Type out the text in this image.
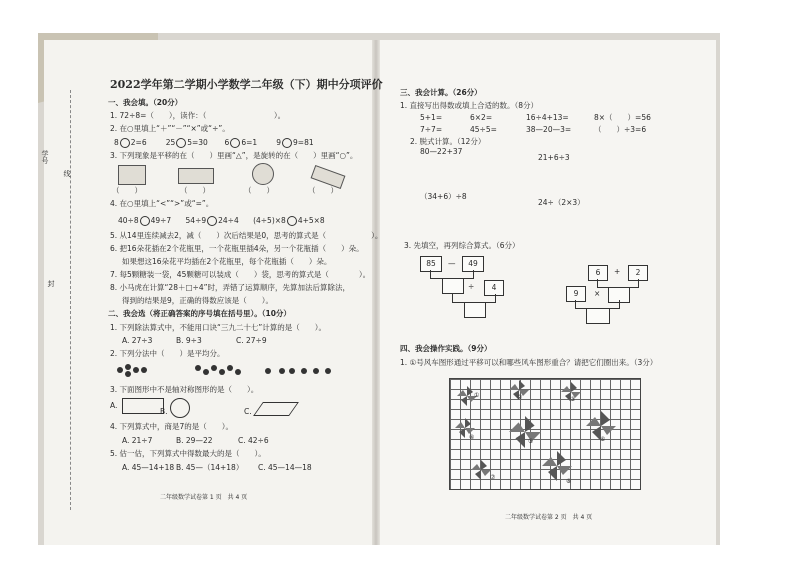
学号
线
封
2022学年第二学期小学数学二年级（下）期中分项评价
一、我会填。（20分）
1. 72÷8=（　　），读作：（　　　　　　　　　）。
2. 在○里填上“＋”“－”“×”或“÷”。
8 2=6	25 5=30 6 6=1	9 9=81
3. 下列现象是平移的在（　　）里画“△”，是旋转的在（　　）里画“○”。
（　　）	（　　）	（　　）	（　　）
4. 在○里填上“<”“>”或“=”。
40÷8 49÷7 54÷9 24÷4 (4÷5)×8 4+5×8
5. 从14里连续减去2，减（　　）次后结果是0，思考的算式是（　　　　　　）。
6. 把16朵花插在2个花瓶里，一个花瓶里插4朵，另一个花瓶插（　　）朵。
如果想这16朵花平均插在2个花瓶里，每个花瓶插（　　）朵。
7. 每5颗糖装一袋，45颗糖可以装成（　　）袋，思考的算式是（　　　　）。
8. 小马虎在计算“28＋□÷4”时，弄错了运算顺序，先算加法后算除法，
得到的结果是9，正确的得数应该是（　　）。
二、我会选（将正确答案的序号填在括号里）。（10分）
1. 下列除法算式中，不能用口诀“三九二十七”计算的是（　　）。
A. 27÷3	B. 9÷3	C. 27÷9
2. 下列分法中（　　）是平均分。
3. 下面图形中不是轴对称图形的是（　　）。
A.
B.	C.
4. 下列算式中，商是7的是（　　）。
A. 21÷7	B. 29—22	C. 42÷6
5. 估一估，下列算式中得数最大的是（　　）。
A. 45—14+18 B. 45—（14+18） C. 45—14—18
二年级数学试卷第 1 页　共 4 页
三、我会计算。（26分）
1. 直接写出得数或填上合适的数。（8分）
5+1=	6×2=	16÷4+13=	8×（　　）=56
7÷7=	45÷5=	38—20—3=	（　　）÷3=6
2. 脱式计算。（12分）
80—22+37
21+6÷3
（34+6）÷8
24÷（2×3）
3. 先填空，再列综合算式。（6分）
85	—	49
÷	4
6	+	2
9	×
四、我会操作实践。（9分）
1. ①号风车图形通过平移可以和哪些风车图形重合？请把它们圈出来。（3分）
①	②	③
④
⑤	⑥
⑦
⑧
二年级数学试卷第 2 页　共 4 页
